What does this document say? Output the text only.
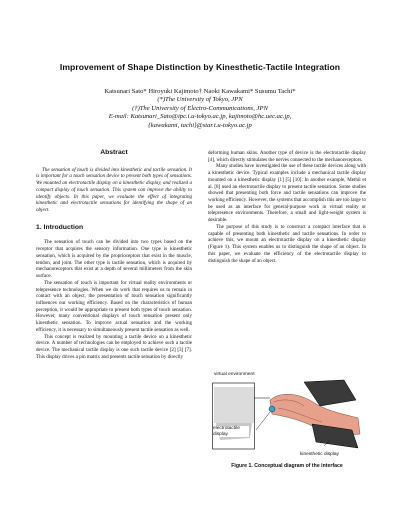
Improvement of Shape Distinction by Kinesthetic-Tactile Integration
Katsunari Sato* Hiroyuki Kajimoto† Naoki Kawakami* Susumu Tachi*
(*)The University of Tokyo, JPN
(†)The University of Electro-Communications, JPN
E-mail: Katsunari_Sato@ipc.i.u-tokyo.ac.jp, kajimoto@hc.uec.ac.jp,
{kawakami, tachi}@star.t.u-tokyo.ac.jp
Abstract

The sensation of touch is divided into kinesthetic and tactile sensation. It is important for a touch sensation device to present both types of sensations. We mounted an electrotactile display on a kinesthetic display, and realized a compact display of touch sensation. This system can improve the ability to identify objects. In this paper, we evaluate the effect of integrating kinesthetic and electrotactile sensations for identifying the shape of an object.

1. Introduction

The sensation of touch can be divided into two types based on the receptor that acquires the sensory information. One type is kinesthetic sensation, which is acquired by the proprioceptors that exist in the muscle, tendon, and joint. The other type is tactile sensation, which is acquired by mechanoreceptors that exist at a depth of several millimeters from the skin surface.

The sensation of touch is important for virtual reality environments or telepresence technologies. When we do work that requires us to remain in contact with an object, the presentation of touch sensation significantly influences our working efficiency. Based on the characteristics of human perception, it would be appropriate to present both types of touch sensation. However, many conventional displays of touch sensation present only kinesthetic sensation. To improve actual sensation and the working efficiency, it is necessary to simultaneously present tactile sensation as well.

This concept is realized by mounting a tactile device on a kinesthetic device. A number of technologies can be employed to achieve such a tactile device. The mechanical tactile display is one such tactile device [2] [3] [7]. This display drives a pin matrix and presents tactile sensation by directly

deforming human skins. Another type of device is the electrotactile display [4], which directly stimulates the nerves connected to the mechanoreceptors.

Many studies have investigated the use of these tactile devices along with a kinesthetic device. Typical examples include a mechanical tactile display mounted on a kinesthetic display [1] [5] [10]. In another example, Methil et al. [8] used an electrotactile display to present tactile sensation. Some studies showed that presenting both force and tactile sensations can improve the working efficiency. However, the systems that accomplish this are too large to be used as an interface for general-purpose work in virtual reality or telepresence environments. Therefore, a small and light-weight system is desirable.

The purpose of this study is to construct a compact interface that is capable of presenting both kinesthetic and tactile sensations. In order to achieve this, we mount an electrotactile display on a kinesthetic display (Figure 1). This system enables us to distinguish the shape of an object. In this paper, we evaluate the efficiency of the electrotactile display to distinguish the shape of an object.

virtual environment
electrotactile display
kinesthetic display
Figure 1. Conceptual diagram of the interface
